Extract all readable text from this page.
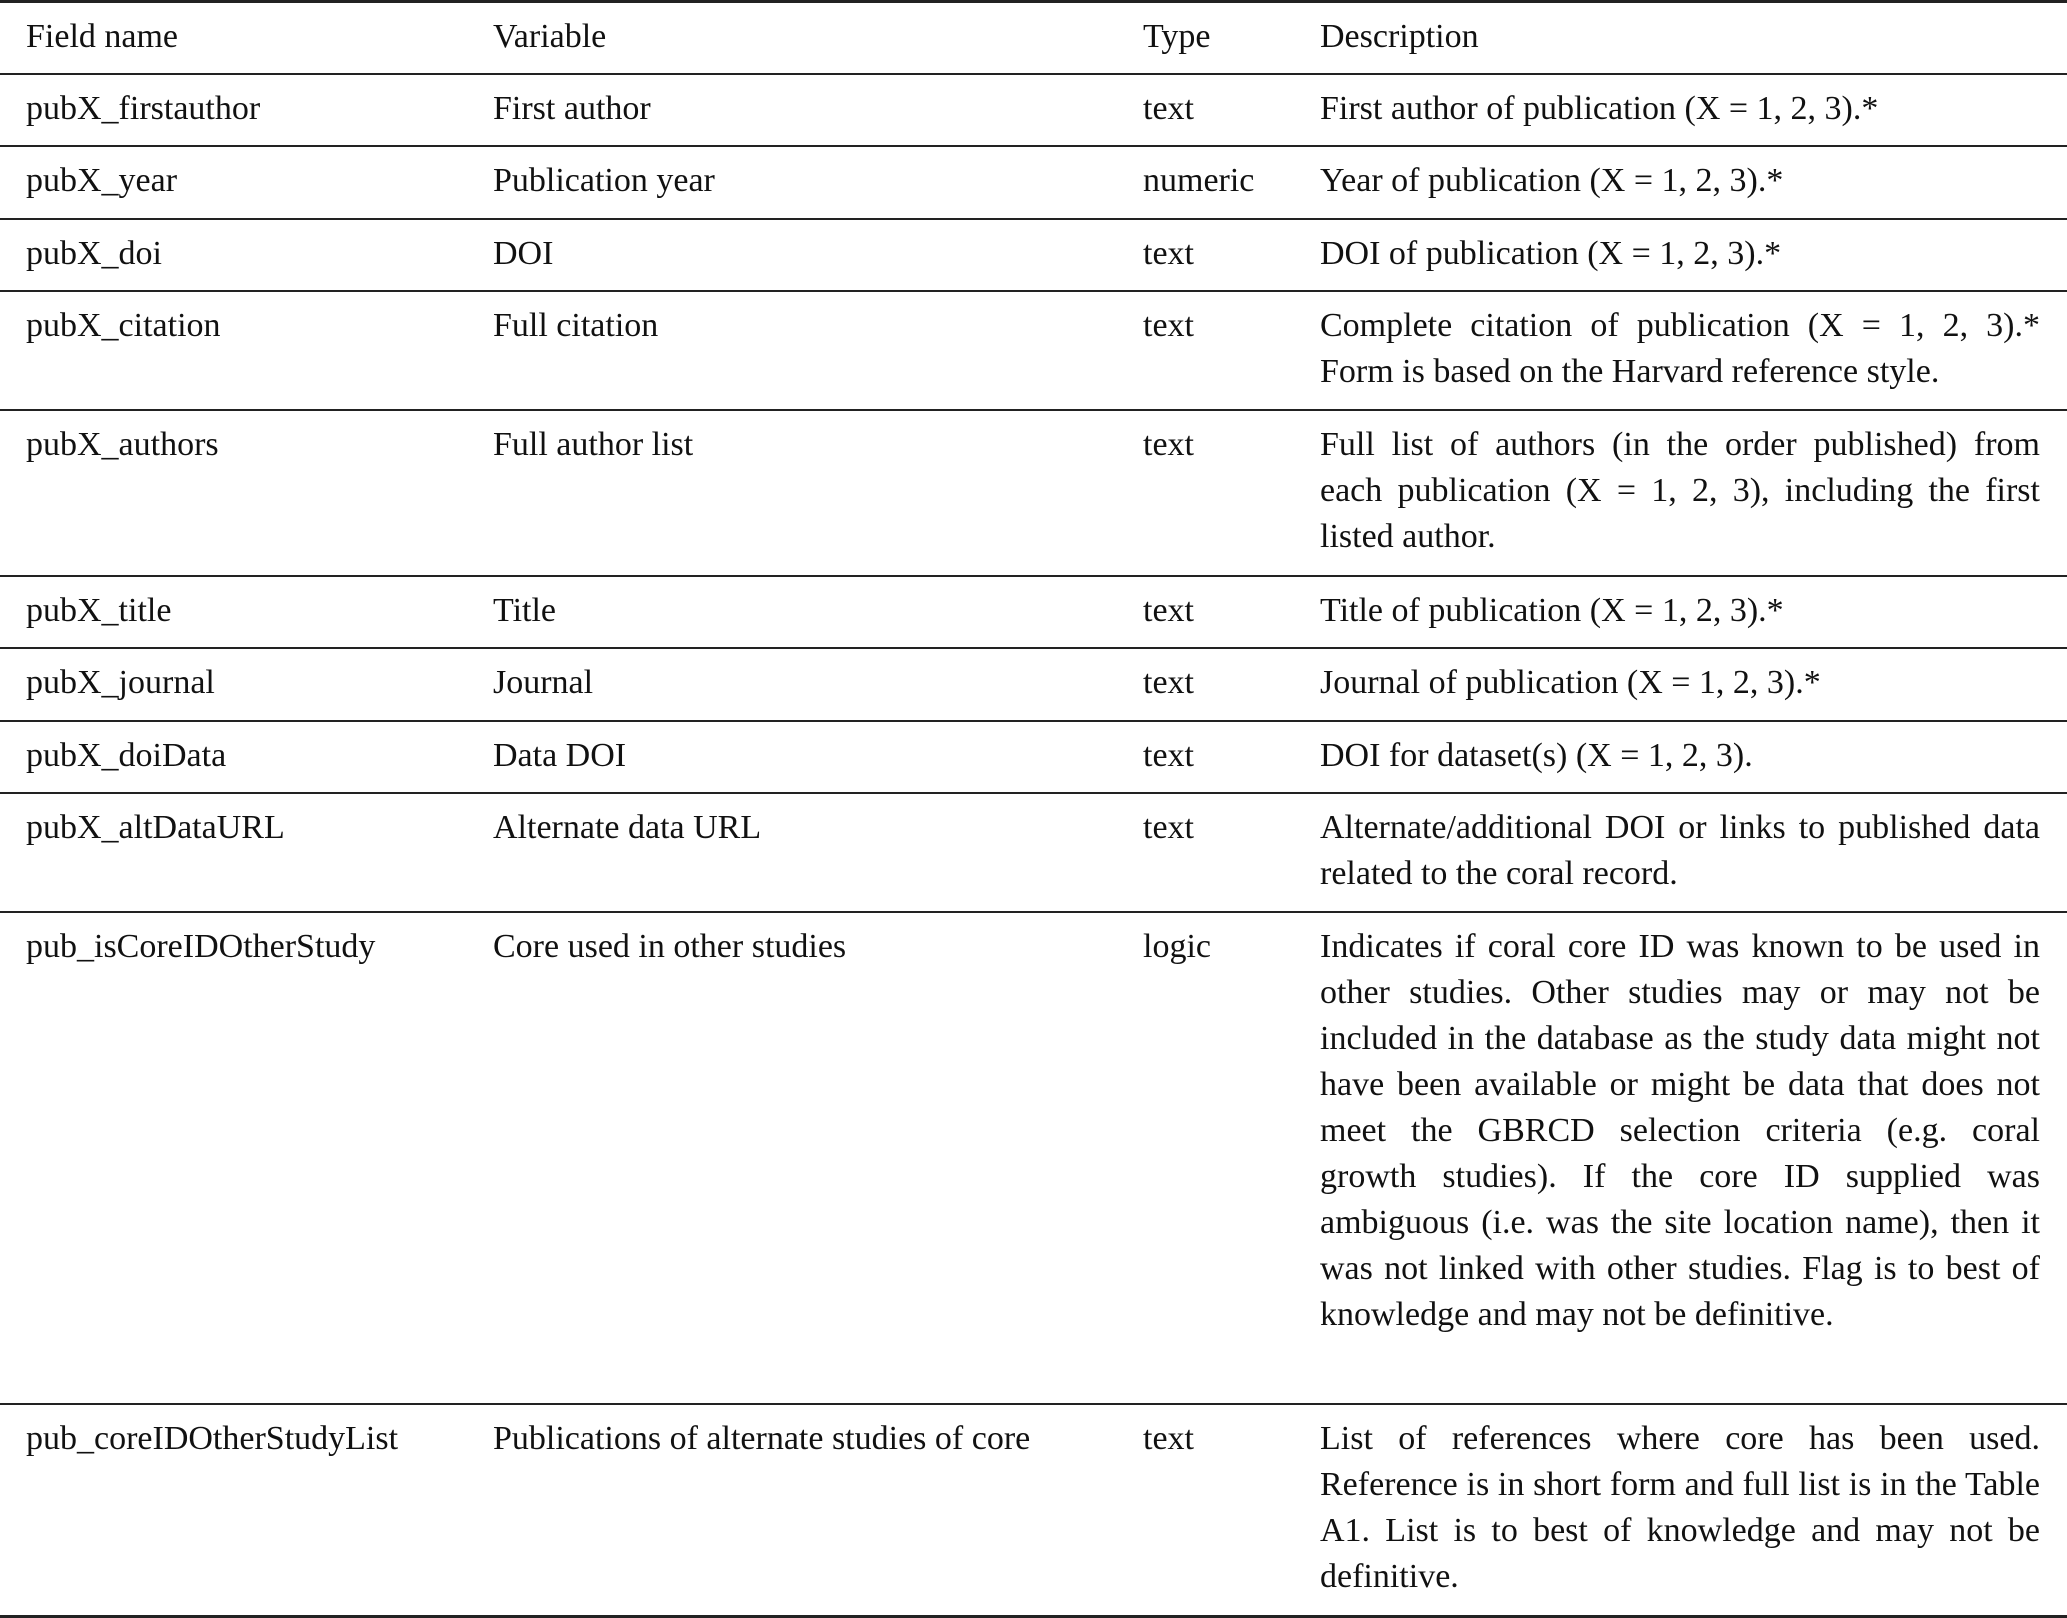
Field name	Variable	Type	Description
pubX_firstauthor	First author	text	First author of publication (X = 1, 2, 3).*
pubX_year	Publication year	numeric	Year of publication (X = 1, 2, 3).*
pubX_doi	DOI	text	DOI of publication (X = 1, 2, 3).*
pubX_citation	Full citation	text	Complete citation of publication (X = 1, 2, 3).* Form is based on the Harvard reference style.
pubX_authors	Full author list	text	Full list of authors (in the order published) from each publication (X = 1, 2, 3), including the first listed author.
pubX_title	Title	text	Title of publication (X = 1, 2, 3).*
pubX_journal	Journal	text	Journal of publication (X = 1, 2, 3).*
pubX_doiData	Data DOI	text	DOI for dataset(s) (X = 1, 2, 3).
pubX_altDataURL	Alternate data URL	text	Alternate/additional DOI or links to published data related to the coral record.
pub_isCoreIDOtherStudy	Core used in other studies	logic	Indicates if coral core ID was known to be used in other studies. Other studies may or may not be included in the database as the study data might not have been available or might be data that does not meet the GBRCD selection criteria (e.g. coral growth studies). If the core ID supplied was ambiguous (i.e. was the site location name), then it was not linked with other studies. Flag is to best of knowledge and may not be definitive.
pub_coreIDOtherStudyList	Publications of alternate studies of core	text	List of references where core has been used. Reference is in short form and full list is in the Table A1. List is to best of knowledge and may not be definitive.
